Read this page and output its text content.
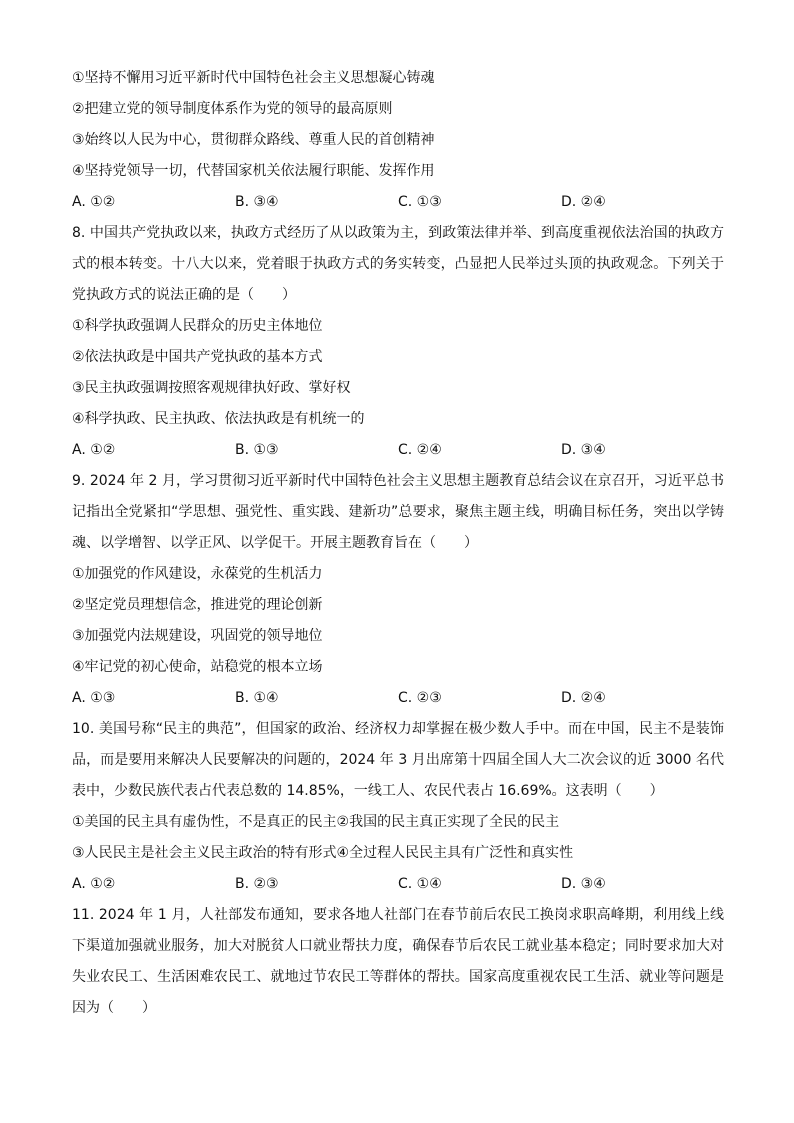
①坚持不懈用习近平新时代中国特色社会主义思想凝心铸魂
②把建立党的领导制度体系作为党的领导的最高原则
③始终以人民为中心，贯彻群众路线、尊重人民的首创精神
④坚持党领导一切，代替国家机关依法履行职能、发挥作用
A. ①②	B. ③④	C. ①③	D. ②④
8. 中国共产党执政以来，执政方式经历了从以政策为主，到政策法律并举、到高度重视依法治国的执政方式的根本转变。十八大以来，党着眼于执政方式的务实转变，凸显把人民举过头顶的执政观念。下列关于党执政方式的说法正确的是（　　）
①科学执政强调人民群众的历史主体地位
②依法执政是中国共产党执政的基本方式
③民主执政强调按照客观规律执好政、掌好权
④科学执政、民主执政、依法执政是有机统一的
A. ①②	B. ①③	C. ②④	D. ③④
9. 2024 年 2 月，学习贯彻习近平新时代中国特色社会主义思想主题教育总结会议在京召开，习近平总书记指出全党紧扣“学思想、强党性、重实践、建新功”总要求，聚焦主题主线，明确目标任务，突出以学铸魂、以学增智、以学正风、以学促干。开展主题教育旨在（　　）
①加强党的作风建设，永葆党的生机活力
②坚定党员理想信念，推进党的理论创新
③加强党内法规建设，巩固党的领导地位
④牢记党的初心使命，站稳党的根本立场
A. ①③	B. ①④	C. ②③	D. ②④
10. 美国号称“民主的典范”，但国家的政治、经济权力却掌握在极少数人手中。而在中国，民主不是装饰品，而是要用来解决人民要解决的问题的，2024 年 3 月出席第十四届全国人大二次会议的近 3000 名代表中，少数民族代表占代表总数的 14.85%，一线工人、农民代表占 16.69%。这表明（　　）
①美国的民主具有虚伪性，不是真正的民主②我国的民主真正实现了全民的民主
③人民民主是社会主义民主政治的特有形式④全过程人民民主具有广泛性和真实性
A. ①②	B. ②③	C. ①④	D. ③④
11. 2024 年 1 月，人社部发布通知，要求各地人社部门在春节前后农民工换岗求职高峰期，利用线上线下渠道加强就业服务，加大对脱贫人口就业帮扶力度，确保春节后农民工就业基本稳定；同时要求加大对失业农民工、生活困难农民工、就地过节农民工等群体的帮扶。国家高度重视农民工生活、就业等问题是因为（　　）
